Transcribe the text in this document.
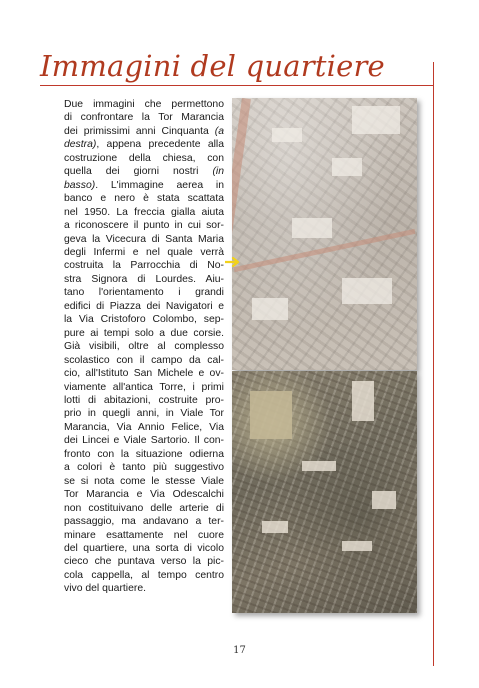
Immagini del quartiere
Due immagini che permettono
di confrontare la Tor Marancia
dei primissimi anni Cinquanta (a
destra), appena precedente alla
costruzione della chiesa, con
quella dei giorni nostri (in
basso). L'immagine aerea in
banco e nero è stata scattata
nel 1950. La freccia gialla aiuta
a riconoscere il punto in cui sor-
geva la Vicecura di Santa Maria
degli Infermi e nel quale verrà
costruita la Parrocchia di No-
stra Signora di Lourdes. Aiu-
tano l'orientamento i grandi
edifici di Piazza dei Navigatori e
la Via Cristoforo Colombo, sep-
pure ai tempi solo a due corsie.
Già visibili, oltre al complesso
scolastico con il campo da cal-
cio, all'Istituto San Michele e ov-
viamente all'antica Torre, i primi
lotti di abitazioni, costruite pro-
prio in quegli anni, in Viale Tor
Marancia, Via Annio Felice, Via
dei Lincei e Viale Sartorio. Il con-
fronto con la situazione odierna
a colori è tanto più suggestivo
se si nota come le stesse Viale
Tor Marancia e Via Odescalchi
non costituivano delle arterie di
passaggio, ma andavano a ter-
minare esattamente nel cuore
del quartiere, una sorta di vicolo
cieco che puntava verso la pic-
cola cappella, al tempo centro
vivo del quartiere.
17
